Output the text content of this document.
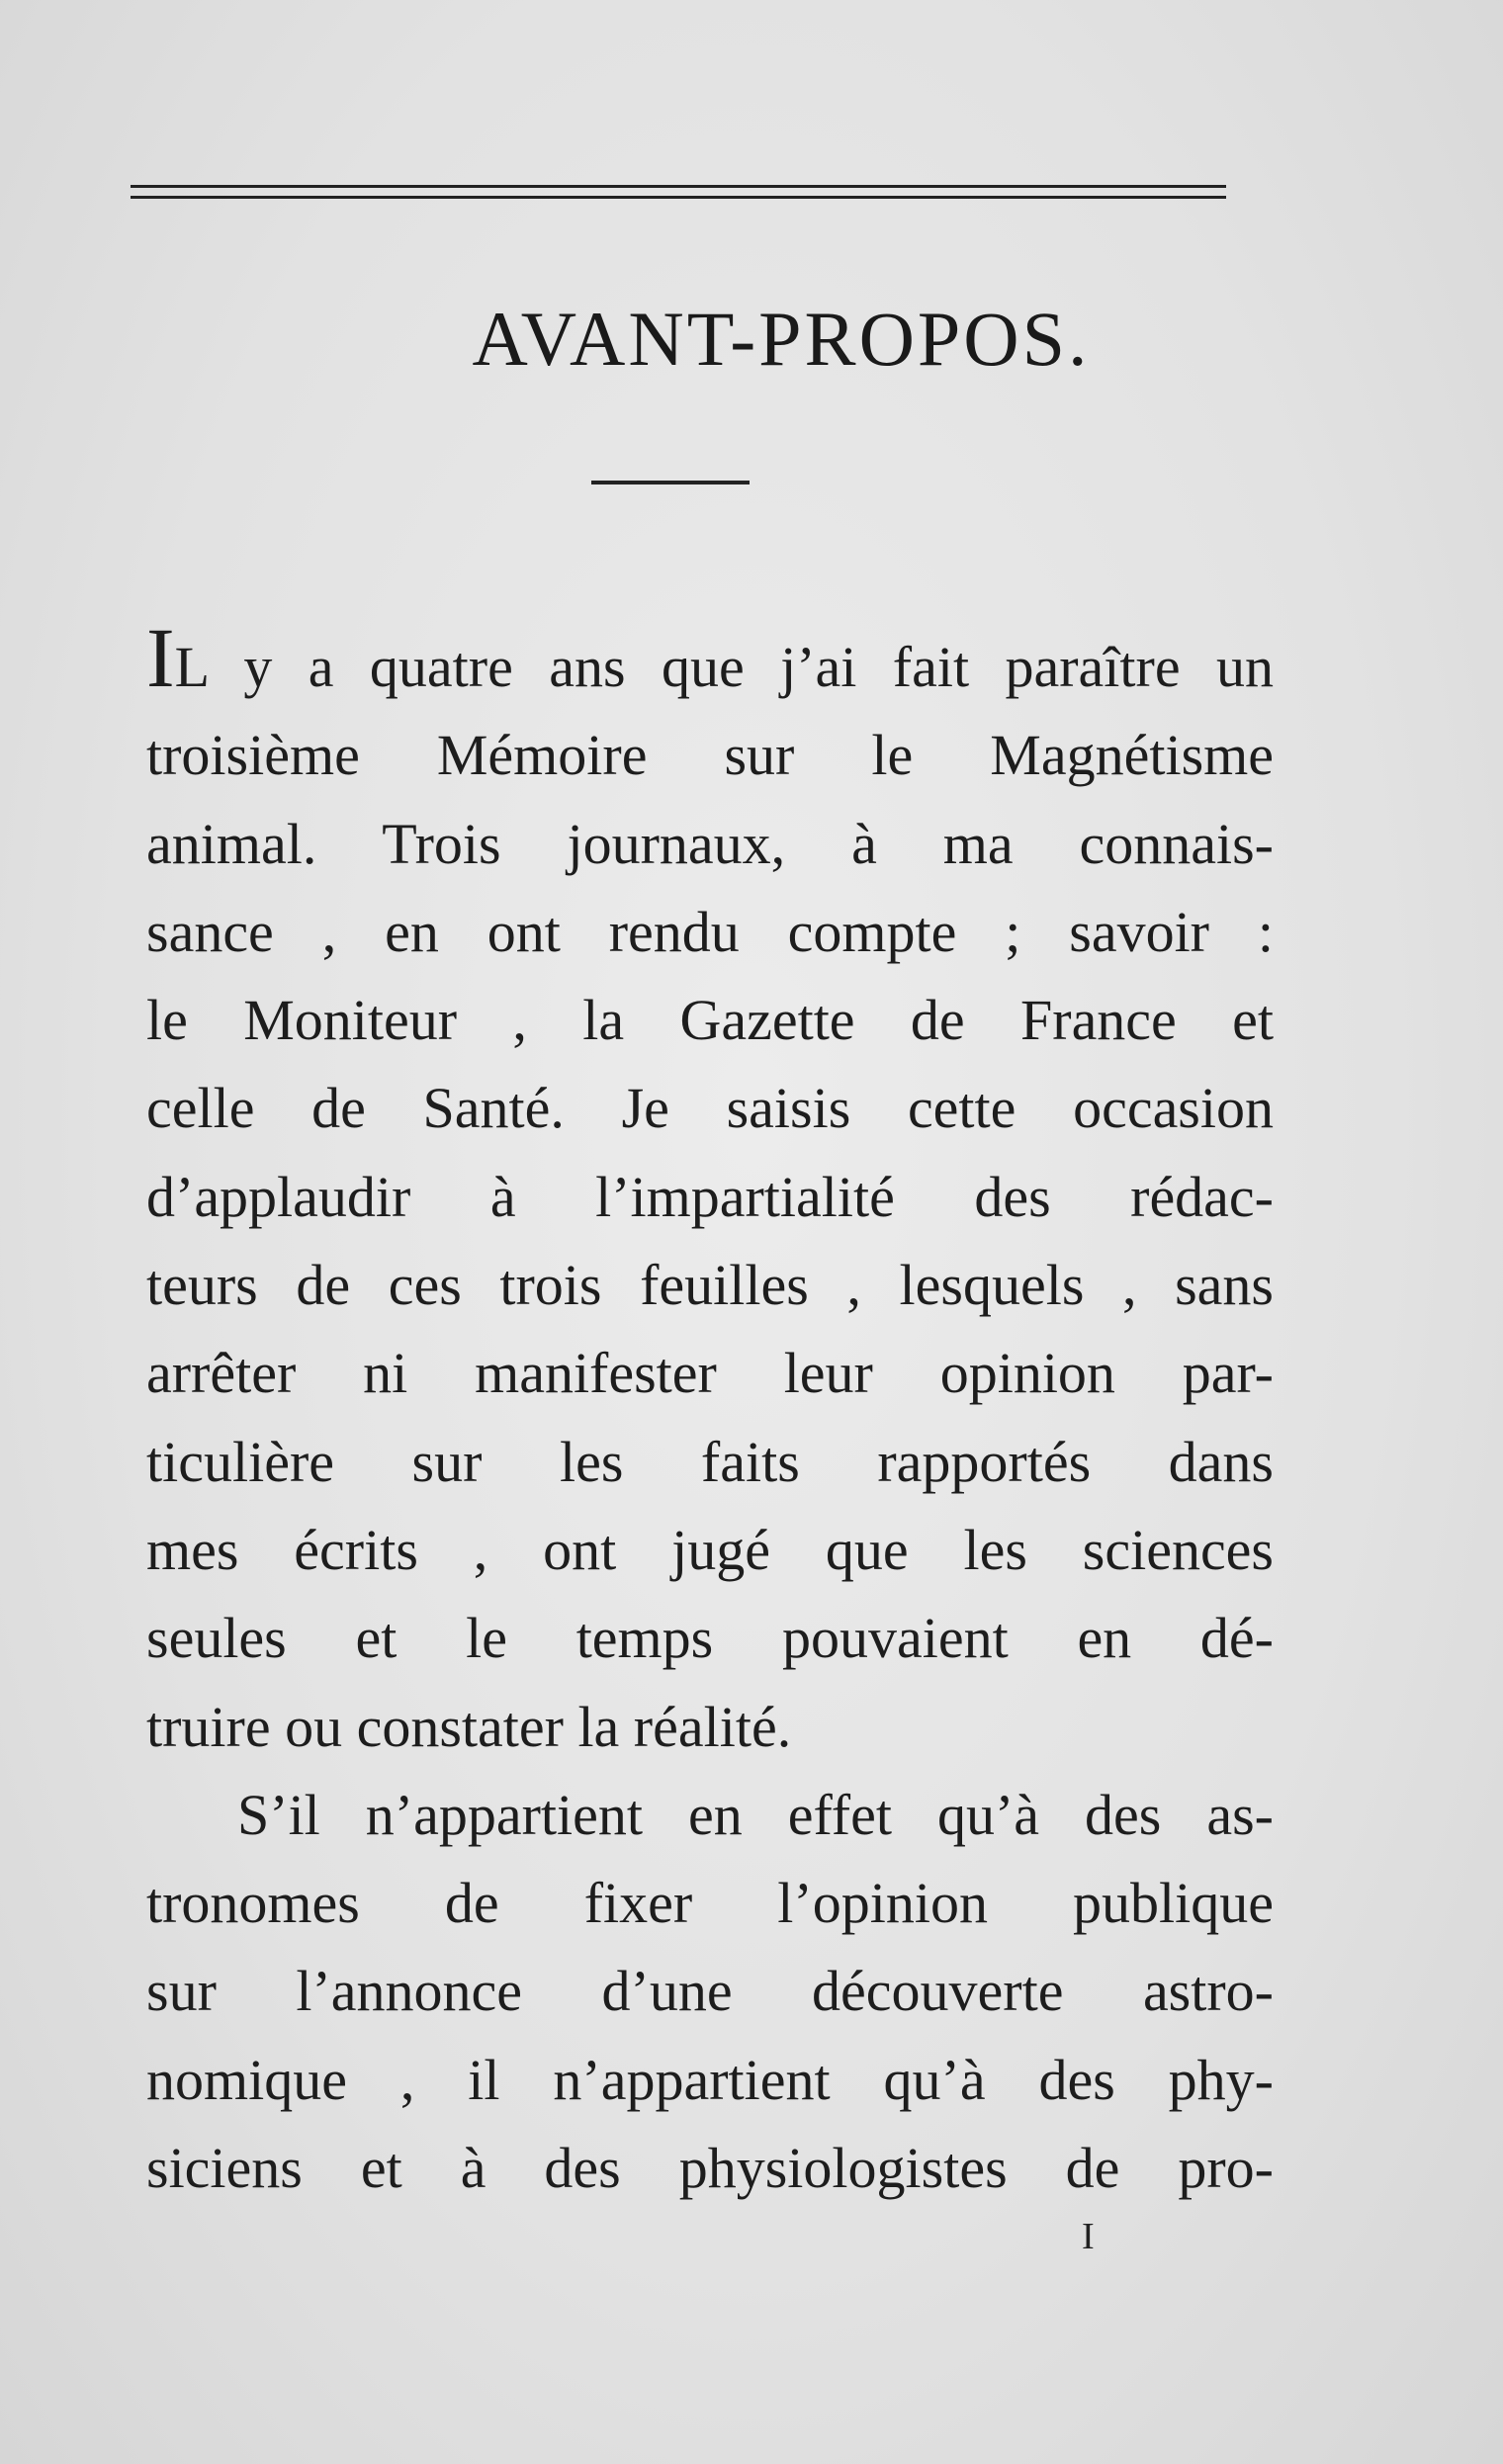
AVANT-PROPOS.
IL y a quatre ans que j’ai fait paraître un
troisième Mémoire sur le Magnétisme
animal. Trois journaux, à ma connais-
sance , en ont rendu compte ; savoir :
le Moniteur , la Gazette de France et
celle de Santé. Je saisis cette occasion
d’applaudir à l’impartialité des rédac-
teurs de ces trois feuilles , lesquels , sans
arrêter ni manifester leur opinion par-
ticulière sur les faits rapportés dans
mes écrits , ont jugé que les sciences
seules et le temps pouvaient en dé-
truire ou constater la réalité.
S’il n’appartient en effet qu’à des as-
tronomes de fixer l’opinion publique
sur l’annonce d’une découverte astro-
nomique , il n’appartient qu’à des phy-
siciens et à des physiologistes de pro-
I
